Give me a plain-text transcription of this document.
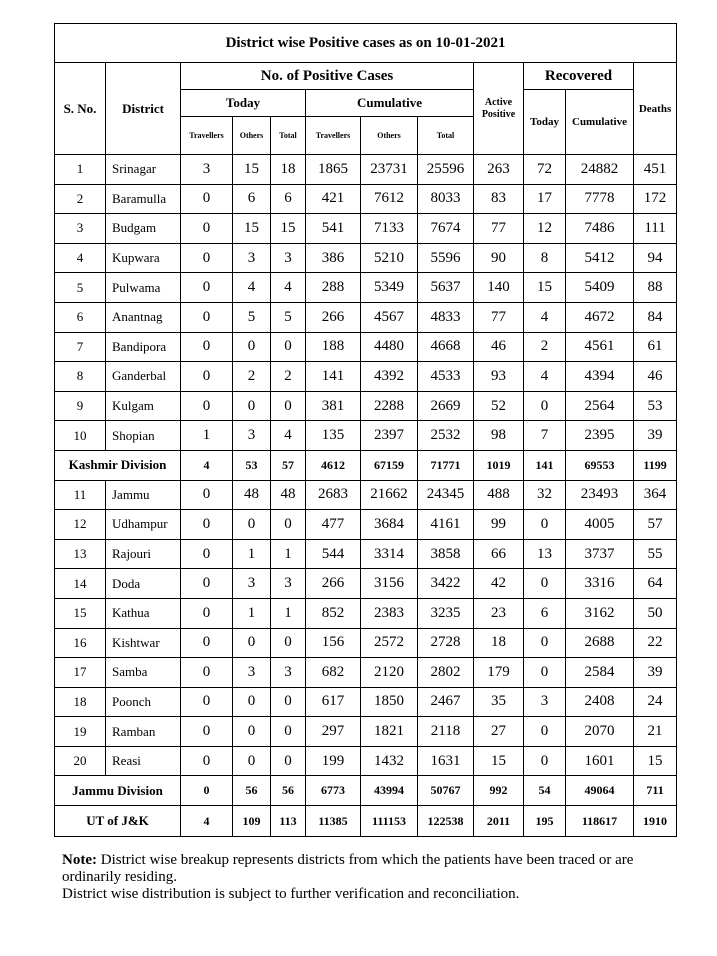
District wise Positive cases as on 10-01-2021											
S. No.	District	No. of Positive Cases						Active Positive	Recovered		Deaths
		Today			Cumulative				Today	Cumulative	
		Travellers	Others	Total	Travellers	Others	Total				
1	Srinagar	3	15	18	1865	23731	25596	263	72	24882	451
2	Baramulla	0	6	6	421	7612	8033	83	17	7778	172
3	Budgam	0	15	15	541	7133	7674	77	12	7486	111
4	Kupwara	0	3	3	386	5210	5596	90	8	5412	94
5	Pulwama	0	4	4	288	5349	5637	140	15	5409	88
6	Anantnag	0	5	5	266	4567	4833	77	4	4672	84
7	Bandipora	0	0	0	188	4480	4668	46	2	4561	61
8	Ganderbal	0	2	2	141	4392	4533	93	4	4394	46
9	Kulgam	0	0	0	381	2288	2669	52	0	2564	53
10	Shopian	1	3	4	135	2397	2532	98	7	2395	39
Kashmir Division		4	53	57	4612	67159	71771	1019	141	69553	1199
11	Jammu	0	48	48	2683	21662	24345	488	32	23493	364
12	Udhampur	0	0	0	477	3684	4161	99	0	4005	57
13	Rajouri	0	1	1	544	3314	3858	66	13	3737	55
14	Doda	0	3	3	266	3156	3422	42	0	3316	64
15	Kathua	0	1	1	852	2383	3235	23	6	3162	50
16	Kishtwar	0	0	0	156	2572	2728	18	0	2688	22
17	Samba	0	3	3	682	2120	2802	179	0	2584	39
18	Poonch	0	0	0	617	1850	2467	35	3	2408	24
19	Ramban	0	0	0	297	1821	2118	27	0	2070	21
20	Reasi	0	0	0	199	1432	1631	15	0	1601	15
Jammu Division		0	56	56	6773	43994	50767	992	54	49064	711
UT of J&K		4	109	113	11385	111153	122538	2011	195	118617	1910
Note: District wise breakup represents districts from which the patients have been traced or are ordinarily residing.
District wise distribution is subject to further verification and reconciliation.
